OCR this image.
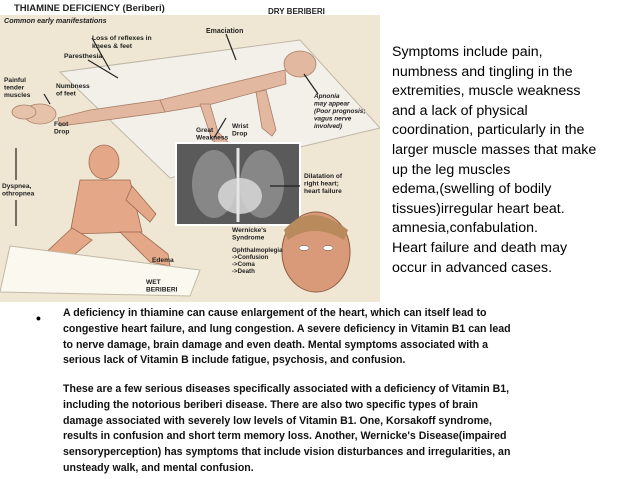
THIAMINE DEFICIENCY (Beriberi)	DRY BERIBERI
Common early manifestations
Loss of reflexes in knees & feet
Emaciation
Paresthesia
Painful tender muscles
Numbness of feet	Apnonia may appear (Poor prognosis; vagus nerve involved)
Foot Drop	Great Weakness
Wrist Drop
Dyspnea, othropnea
Dilatation of right heart; heart failure
Wernicke's Syndrome
Edema
Ophthalmoplegia ->Confusion ->Coma ->Death
WET BERIBERI
Symptoms include pain,
numbness and tingling in the
extremities, muscle weakness
and a lack of physical
coordination, particularly in the
larger muscle masses that make
up the leg muscles
edema,(swelling of bodily
tissues)irregular heart beat.
amnesia,confabulation.
Heart failure and death may
occur in advanced cases.
• A deficiency in thiamine can cause enlargement of the heart, which can itself lead to
congestive heart failure, and lung congestion. A severe deficiency in Vitamin B1 can lead
to nerve damage, brain damage and even death. Mental symptoms associated with a
serious lack of Vitamin B include fatigue, psychosis, and confusion.
These are a few serious diseases specifically associated with a deficiency of Vitamin B1,
including the notorious beriberi disease. There are also two specific types of brain
damage associated with severely low levels of Vitamin B1. One, Korsakoff syndrome,
results in confusion and short term memory loss. Another, Wernicke's Disease(impaired
sensoryperception) has symptoms that include vision disturbances and irregularities, an
unsteady walk, and mental confusion.
